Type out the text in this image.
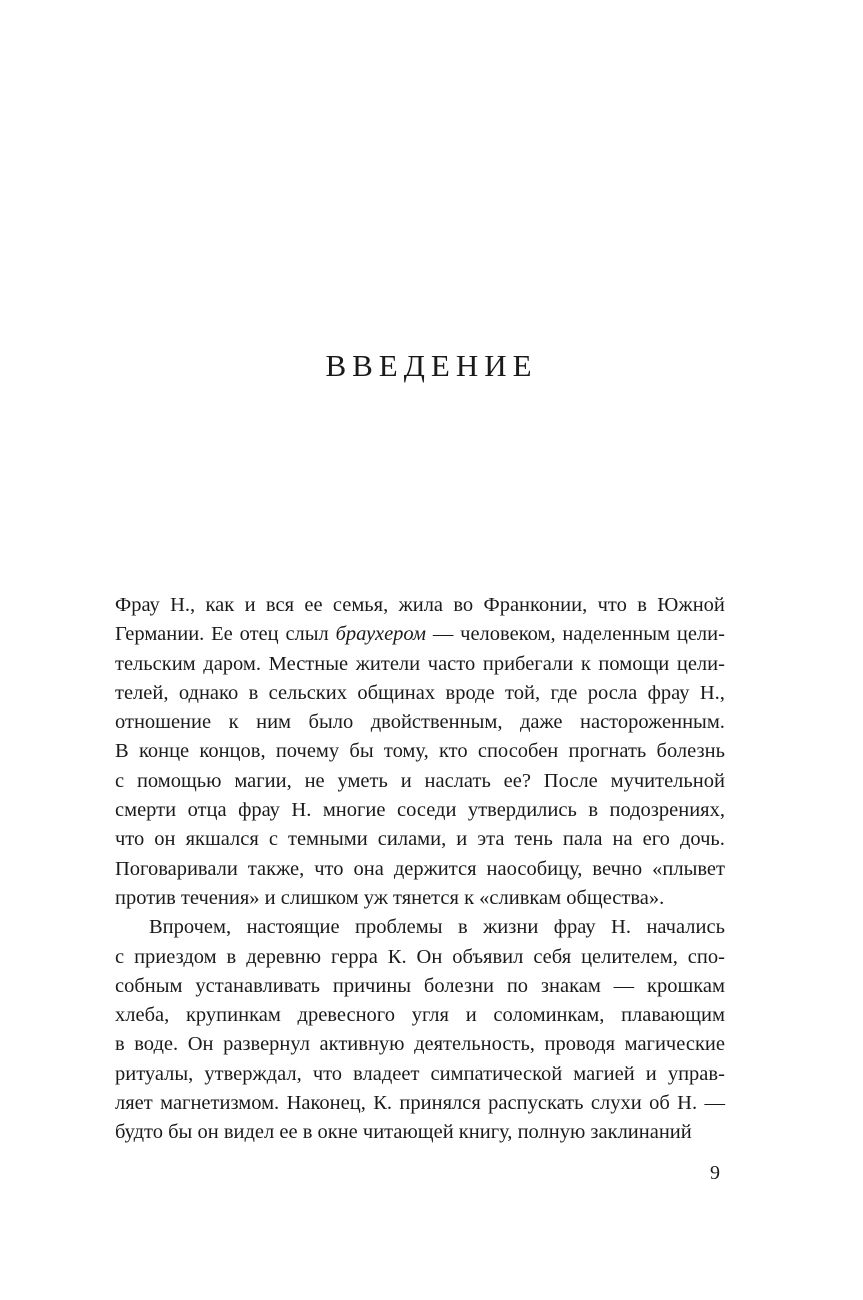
ВВЕДЕНИЕ
Фрау Н., как и вся ее семья, жила во Франконии, что в Южной
Германии. Ее отец слыл браухером — человеком, наделенным цели-
тельским даром. Местные жители часто прибегали к помощи цели-
телей, однако в сельских общинах вроде той, где росла фрау Н.,
отношение к ним было двойственным, даже настороженным.
В конце концов, почему бы тому, кто способен прогнать болезнь
с помощью магии, не уметь и наслать ее? После мучительной
смерти отца фрау Н. многие соседи утвердились в подозрениях,
что он якшался с темными силами, и эта тень пала на его дочь.
Поговаривали также, что она держится наособицу, вечно «плывет
против
течения»
и
слишком
уж
тянется
к
«сливкам
общества».

Впрочем, настоящие проблемы в жизни фрау Н. начались
с приездом в деревню герра К. Он объявил себя целителем, спо-
собным устанавливать причины болезни по знакам — крошкам
хлеба, крупинкам древесного угля и соломинкам, плавающим
в воде. Он развернул активную деятельность, проводя магические
ритуалы, утверждал, что владеет симпатической магией и управ-
ляет магнетизмом. Наконец, К. принялся распускать слухи об Н. —
будто
бы
он
видел
ее
в
окне
читающей
книгу,
полную
заклинаний

9
